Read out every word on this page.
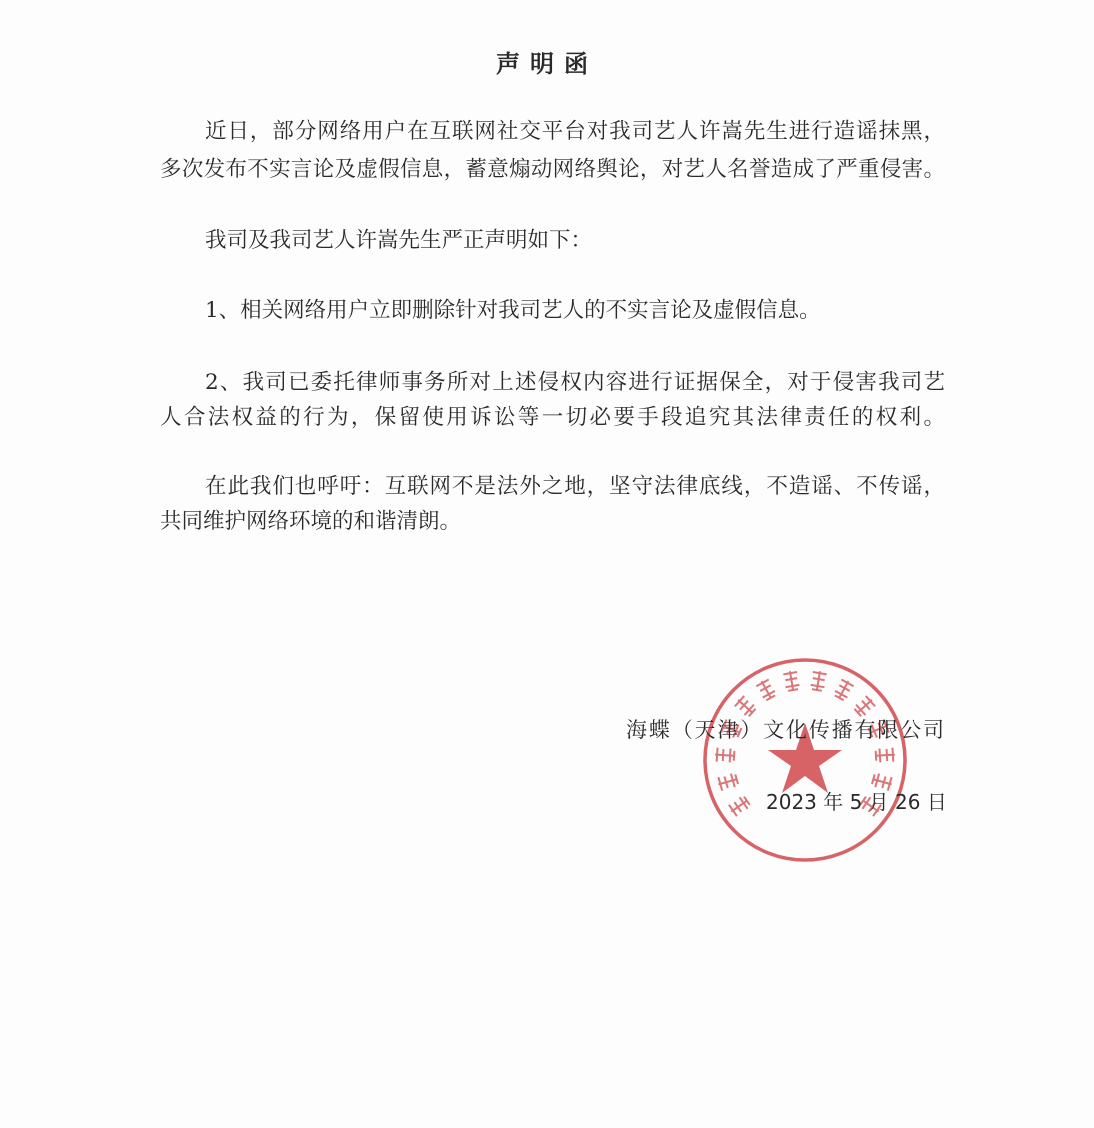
声明函
近日，部分网络用户在互联网社交平台对我司艺人许嵩先生进行造谣抹黑，
多次发布不实言论及虚假信息，蓄意煽动网络舆论，对艺人名誉造成了严重侵害。
我司及我司艺人许嵩先生严正声明如下：
1、相关网络用户立即删除针对我司艺人的不实言论及虚假信息。
2、我司已委托律师事务所对上述侵权内容进行证据保全，对于侵害我司艺
人合法权益的行为，保留使用诉讼等一切必要手段追究其法律责任的权利。
在此我们也呼吁：互联网不是法外之地，坚守法律底线，不造谣、不传谣，
共同维护网络环境的和谐清朗。
海蝶（天津）文化传播有限公司
2023 年 5 月 26 日
